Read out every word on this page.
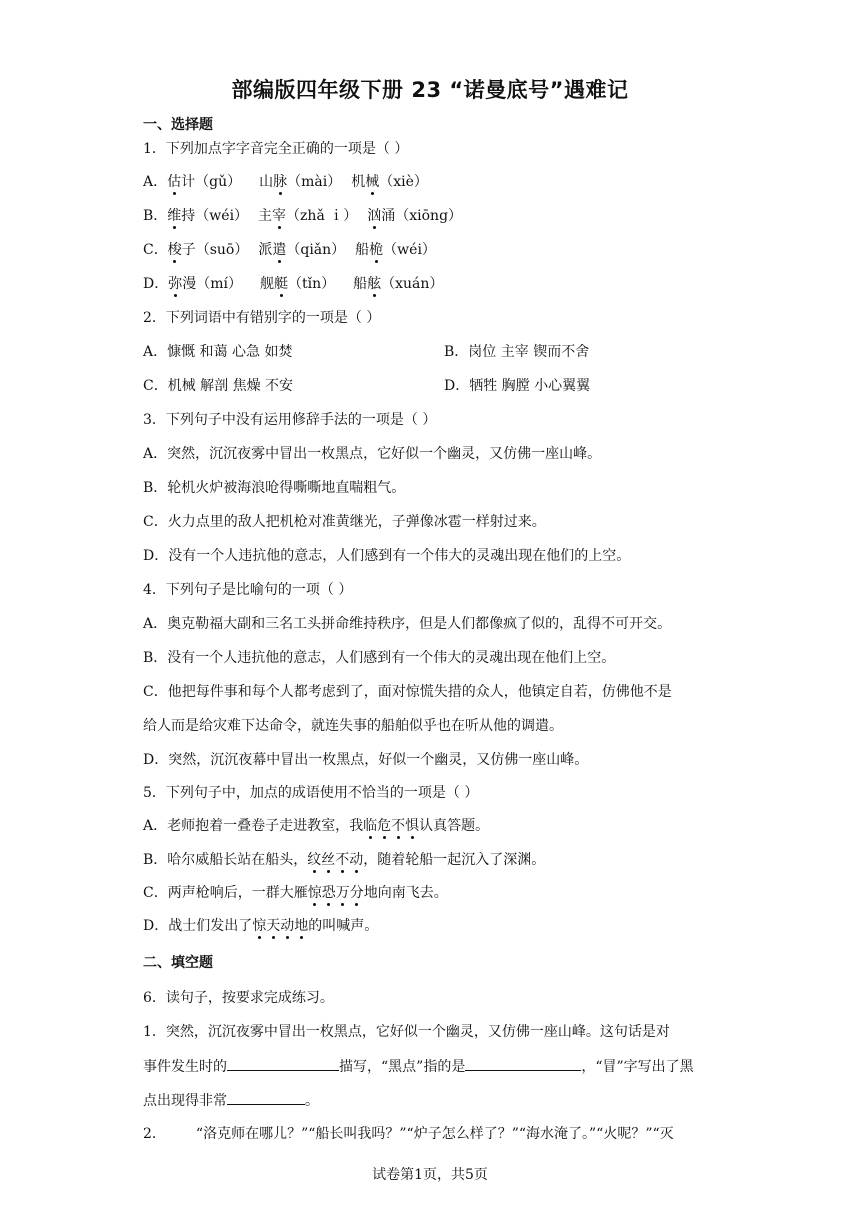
部编版四年级下册 23 “诺曼底号”遇难记
一、选择题
1．下列加点字字音完全正确的一项是（ ）
A．估计（gǔ） 山脉（mài） 机械（xiè）
B．维持（wéi） 主宰（zhǎ ｉ） 汹涌（xiōng）
C．梭子（suō） 派遣（qiǎn） 船桅（wéi）
D．弥漫（mí） 舰艇（tǐn） 船舷（xuán）
2．下列词语中有错别字的一项是（ ）
A．慷慨 和蔼 心急 如焚	B．岗位 主宰 锲而不舍
C．机械 解剖 焦燥 不安	D．牺牲 胸膛 小心翼翼
3．下列句子中没有运用修辞手法的一项是（ ）
A．突然，沉沉夜雾中冒出一枚黑点，它好似一个幽灵，又仿佛一座山峰。
B．轮机火炉被海浪呛得嘶嘶地直喘粗气。
C．火力点里的敌人把机枪对准黄继光，子弹像冰雹一样射过来。
D．没有一个人违抗他的意志，人们感到有一个伟大的灵魂出现在他们的上空。
4．下列句子是比喻句的一项（ ）
A．奥克勒福大副和三名工头拼命维持秩序，但是人们都像疯了似的，乱得不可开交。
B．没有一个人违抗他的意志，人们感到有一个伟大的灵魂出现在他们上空。
C．他把每件事和每个人都考虑到了，面对惊慌失措的众人，他镇定自若，仿佛他不是
给人而是给灾难下达命令，就连失事的船舶似乎也在听从他的调遣。
D．突然，沉沉夜幕中冒出一枚黑点，好似一个幽灵，又仿佛一座山峰。
5．下列句子中，加点的成语使用不恰当的一项是（ ）
A．老师抱着一叠卷子走进教室，我临危不惧认真答题。
B．哈尔威船长站在船头，纹丝不动，随着轮船一起沉入了深渊。
C．两声枪响后，一群大雁惊恐万分地向南飞去。
D．战士们发出了惊天动地的叫喊声。
二、填空题
6．读句子，按要求完成练习。
1．突然，沉沉夜雾中冒出一枚黑点，它好似一个幽灵，又仿佛一座山峰。这句话是对
事件发生时的	描写，“黑点”指的是	，“冒”字写出了黑
点出现得非常	。
2． “洛克师在哪儿？”“船长叫我吗？”“炉子怎么样了？”“海水淹了。”“火呢？”“灭
试卷第1页，共5页
